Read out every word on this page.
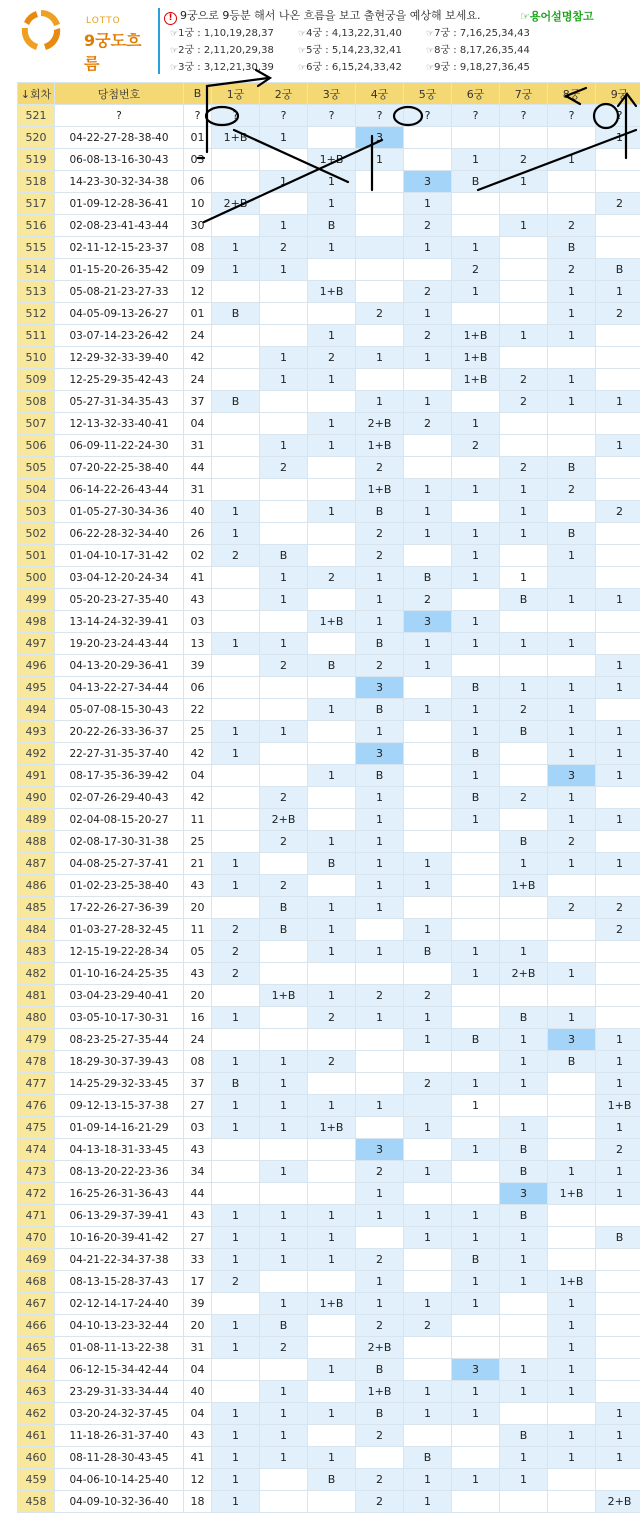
LOTTO
9궁도흐름
! 9궁으로 9등분 해서 나온 흐름을 보고 출현궁을 예상해 보세요.	☞용어설명참고
☞1궁 : 1,10,19,28,37
☞2궁 : 2,11,20,29,38
☞3궁 : 3,12,21,30,39
☞4궁 : 4,13,22,31,40
☞5궁 : 5,14,23,32,41
☞6궁 : 6,15,24,33,42
☞7궁 : 7,16,25,34,43
☞8궁 : 8,17,26,35,44
☞9궁 : 9,18,27,36,45
↓회차	당첨번호	B	1궁	2궁	3궁	4궁	5궁	6궁	7궁	8궁	9궁
521	?	?	?	?	?	?	?	?	?	?	?
520	04-22-27-28-38-40	01	1+B	1		3					1
519	06-08-13-16-30-43	03			1+B	1		1	2	1	
518	14-23-30-32-34-38	06		1	1		3	B	1		
517	01-09-12-28-36-41	10	2+B		1		1				2
516	02-08-23-41-43-44	30		1	B		2		1	2	
515	02-11-12-15-23-37	08	1	2	1		1	1		B	
514	01-15-20-26-35-42	09	1	1				2		2	B
513	05-08-21-23-27-33	12			1+B		2	1		1	1
512	04-05-09-13-26-27	01	B			2	1			1	2
511	03-07-14-23-26-42	24			1		2	1+B	1	1	
510	12-29-32-33-39-40	42		1	2	1	1	1+B			
509	12-25-29-35-42-43	24		1	1			1+B	2	1	
508	05-27-31-34-35-43	37	B			1	1		2	1	1
507	12-13-32-33-40-41	04			1	2+B	2	1			
506	06-09-11-22-24-30	31		1	1	1+B		2			1
505	07-20-22-25-38-40	44		2		2			2	B	
504	06-14-22-26-43-44	31				1+B	1	1	1	2	
503	01-05-27-30-34-36	40	1		1	B	1		1		2
502	06-22-28-32-34-40	26	1			2	1	1	1	B	
501	01-04-10-17-31-42	02	2	B		2		1		1	
500	03-04-12-20-24-34	41		1	2	1	B	1	1		
499	05-20-23-27-35-40	43		1		1	2		B	1	1
498	13-14-24-32-39-41	03			1+B	1	3	1			
497	19-20-23-24-43-44	13	1	1		B	1	1	1	1	
496	04-13-20-29-36-41	39		2	B	2	1				1
495	04-13-22-27-34-44	06				3		B	1	1	1
494	05-07-08-15-30-43	22			1	B	1	1	2	1	
493	20-22-26-33-36-37	25	1	1		1		1	B	1	1
492	22-27-31-35-37-40	42	1			3		B		1	1
491	08-17-35-36-39-42	04			1	B		1		3	1
490	02-07-26-29-40-43	42		2		1		B	2	1	
489	02-04-08-15-20-27	11		2+B		1		1		1	1
488	02-08-17-30-31-38	25		2	1	1			B	2	
487	04-08-25-27-37-41	21	1		B	1	1		1	1	1
486	01-02-23-25-38-40	43	1	2		1	1		1+B		
485	17-22-26-27-36-39	20		B	1	1				2	2
484	01-03-27-28-32-45	11	2	B	1		1				2
483	12-15-19-22-28-34	05	2		1	1	B	1	1		
482	01-10-16-24-25-35	43	2					1	2+B	1	
481	03-04-23-29-40-41	20		1+B	1	2	2				
480	03-05-10-17-30-31	16	1		2	1	1		B	1	
479	08-23-25-27-35-44	24					1	B	1	3	1
478	18-29-30-37-39-43	08	1	1	2				1	B	1
477	14-25-29-32-33-45	37	B	1			2	1	1		1
476	09-12-13-15-37-38	27	1	1	1	1		1			1+B
475	01-09-14-16-21-29	03	1	1	1+B		1		1		1
474	04-13-18-31-33-45	43				3		1	B		2
473	08-13-20-22-23-36	34		1		2	1		B	1	1
472	16-25-26-31-36-43	44				1			3	1+B	1
471	06-13-29-37-39-41	43	1	1	1	1	1	1	B		
470	10-16-20-39-41-42	27	1	1	1		1	1	1		B
469	04-21-22-34-37-38	33	1	1	1	2		B	1		
468	08-13-15-28-37-43	17	2			1		1	1	1+B	
467	02-12-14-17-24-40	39		1	1+B	1	1	1		1	
466	04-10-13-23-32-44	20	1	B		2	2			1	
465	01-08-11-13-22-38	31	1	2		2+B				1	
464	06-12-15-34-42-44	04			1	B		3	1	1	
463	23-29-31-33-34-44	40		1		1+B	1	1	1	1	
462	03-20-24-32-37-45	04	1	1	1	B	1	1			1
461	11-18-26-31-37-40	43	1	1		2			B	1	1
460	08-11-28-30-43-45	41	1	1	1		B		1	1	1
459	04-06-10-14-25-40	12	1		B	2	1	1	1		
458	04-09-10-32-36-40	18	1			2	1				2+B
